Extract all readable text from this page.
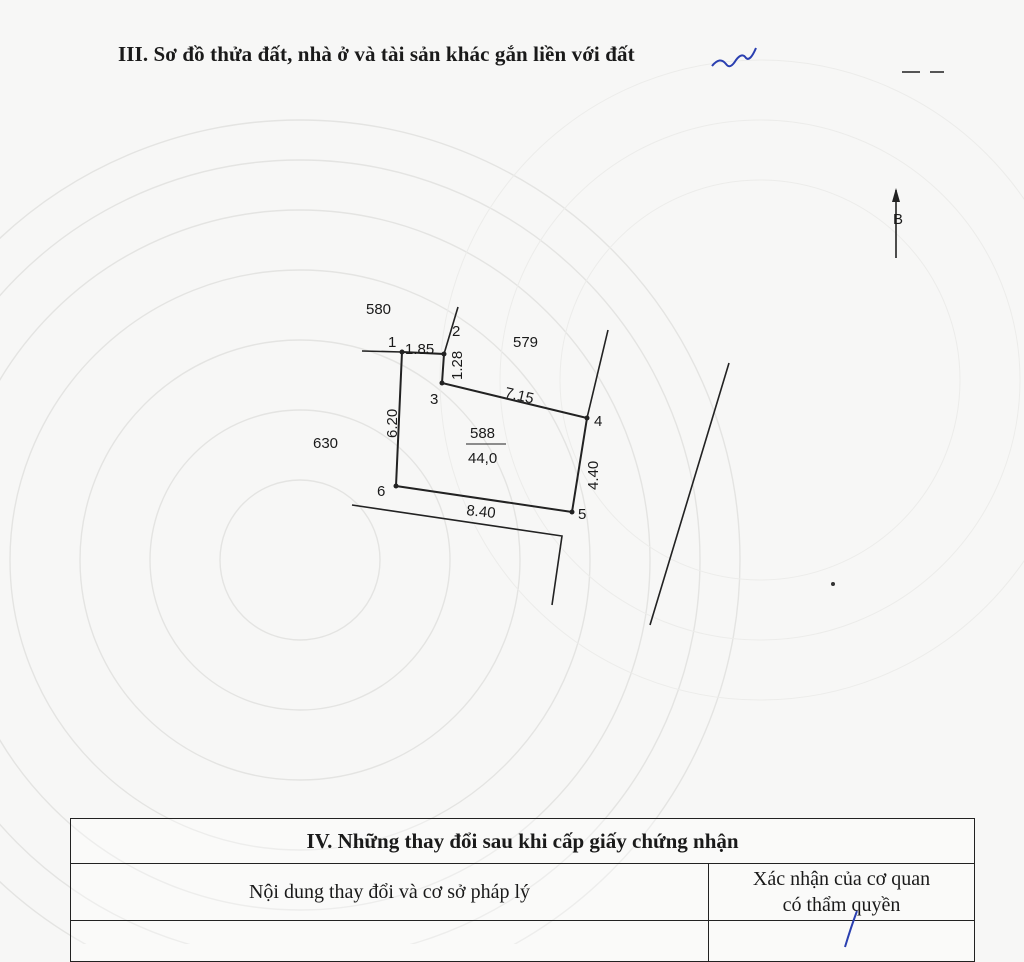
III. Sơ đồ thửa đất, nhà ở và tài sản khác gắn liền với đất
B
1
2
3
4
5
6
580
579
630
1.85
1.28
7.15
4.40
8.40
6.20	588
44,0
IV. Những thay đổi sau khi cấp giấy chứng nhận	
Nội dung thay đổi và cơ sở pháp lý	Xác nhận của cơ quan
có thẩm quyền
